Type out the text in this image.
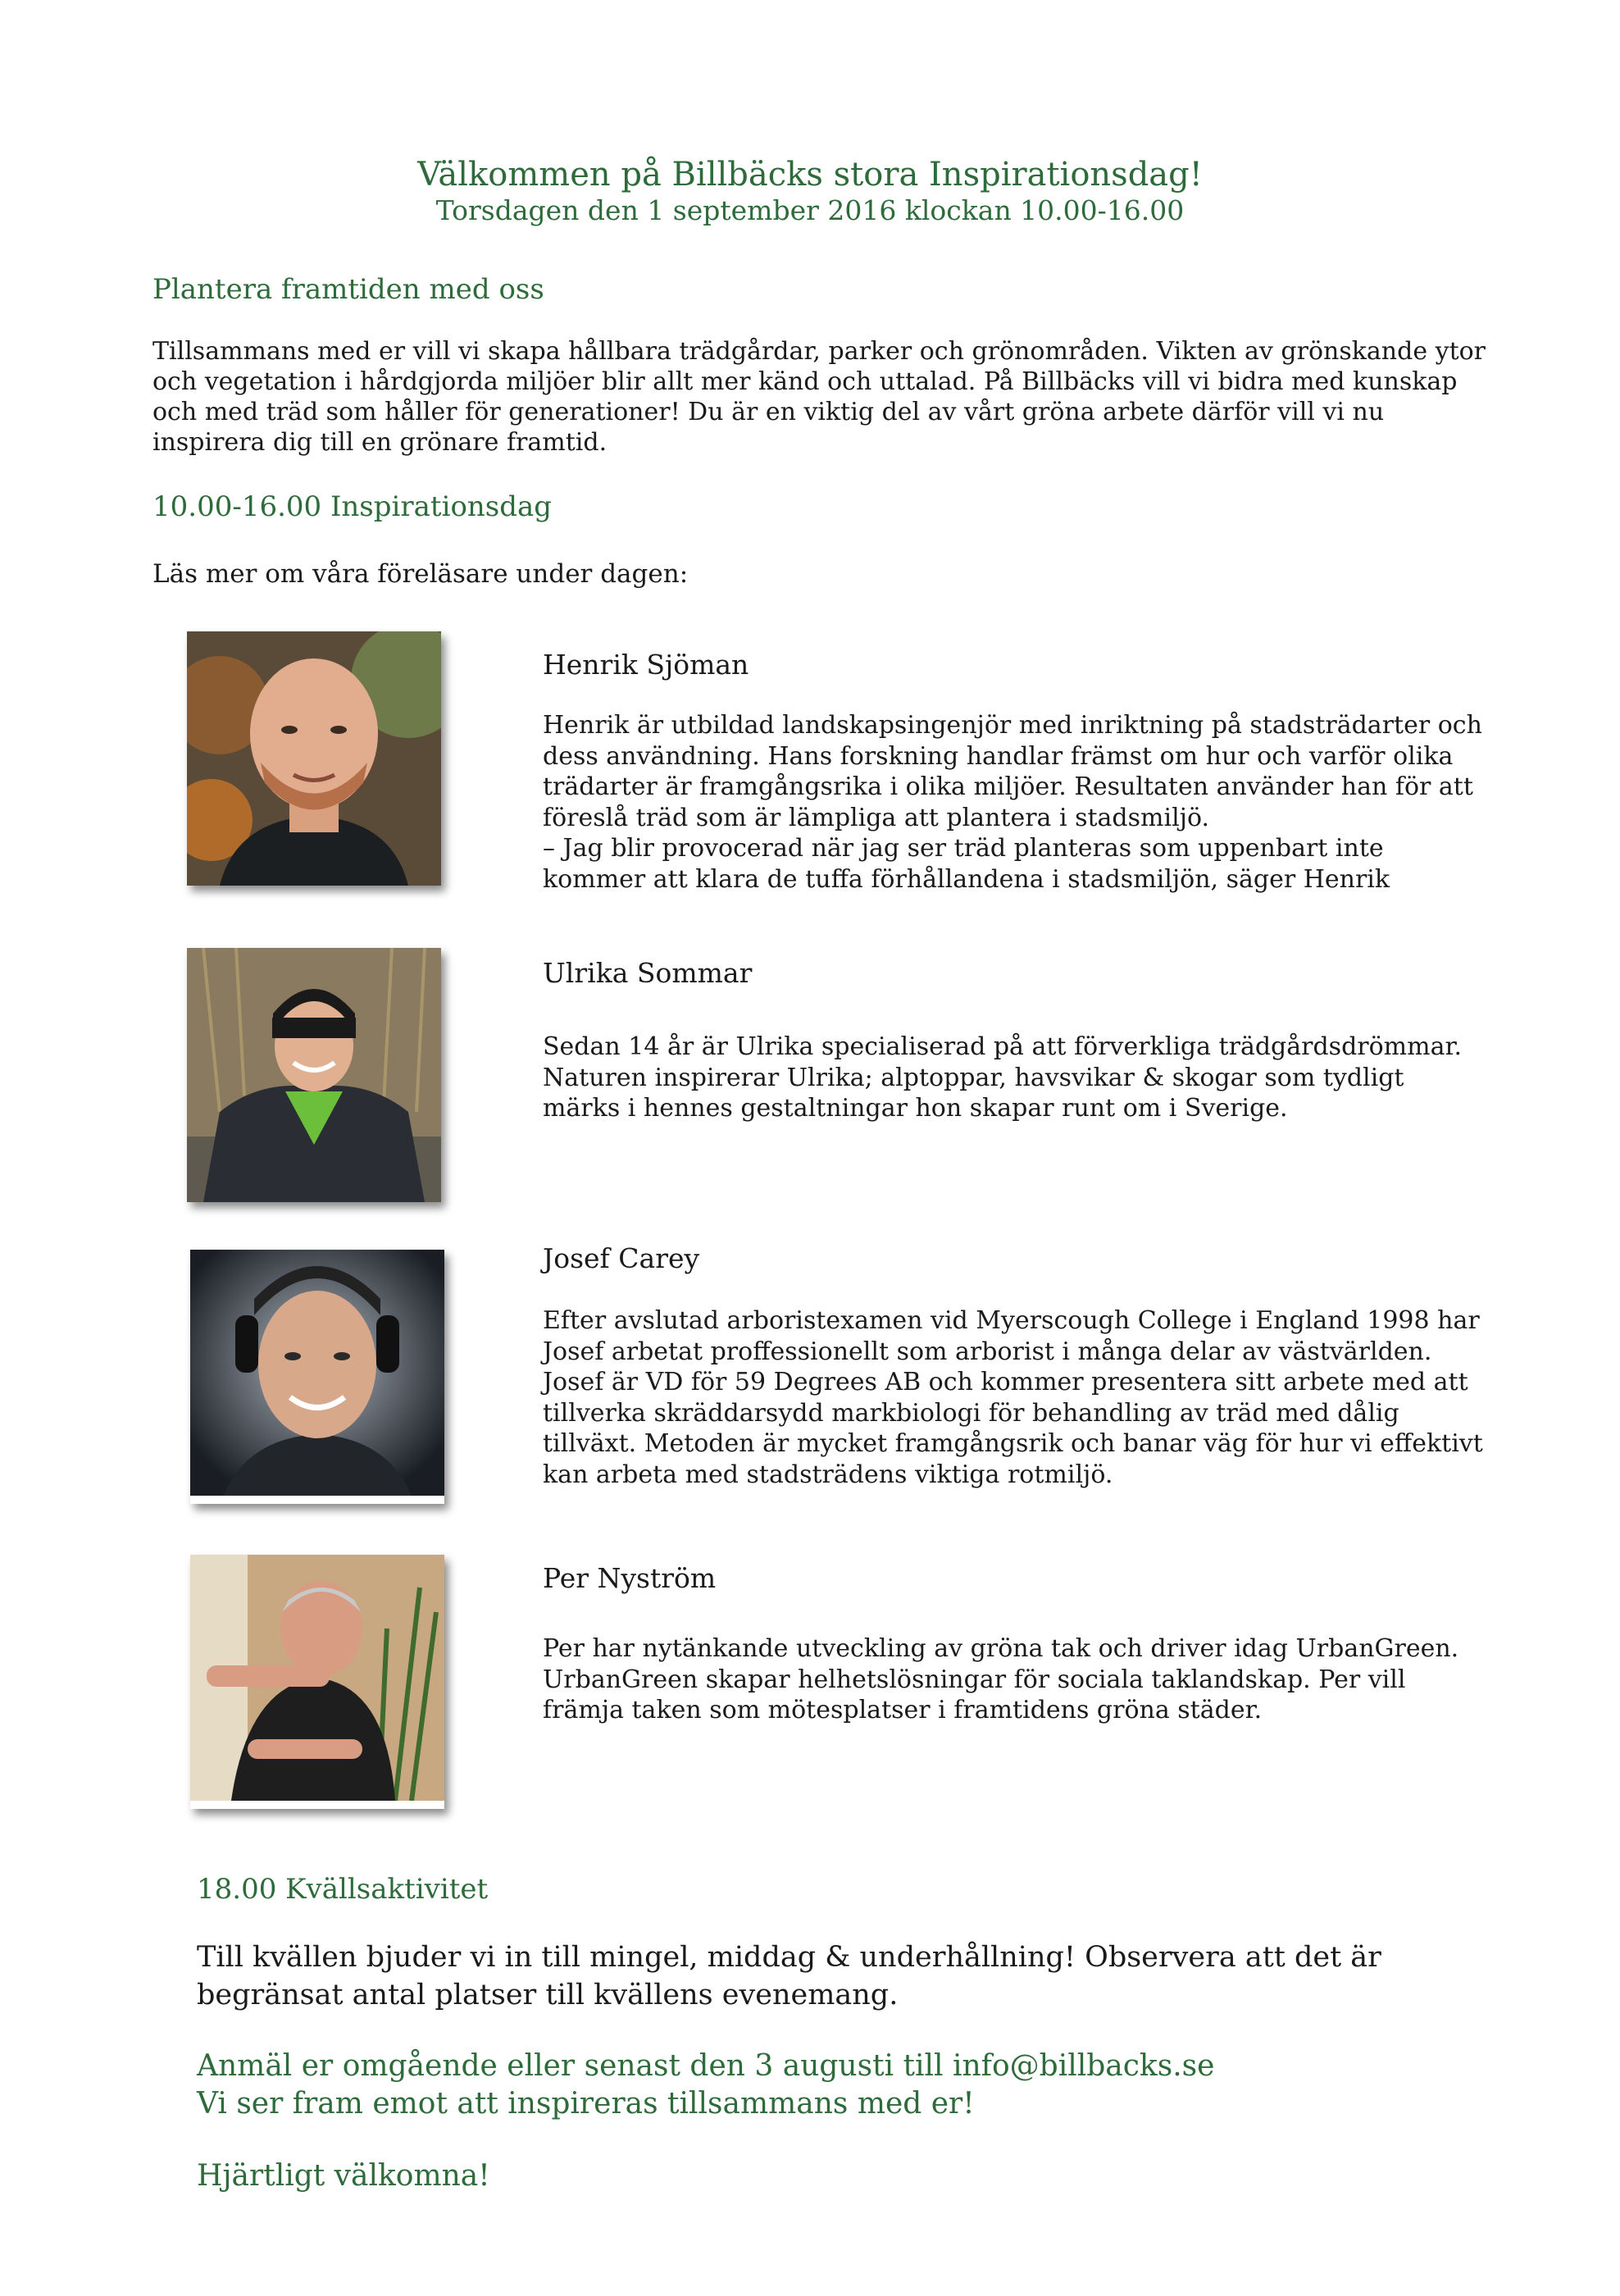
Välkommen på Billbäcks stora Inspirationsdag!
Torsdagen den 1 september 2016 klockan 10.00-16.00
Plantera framtiden med oss
Tillsammans med er vill vi skapa hållbara trädgårdar, parker och grönområden. Vikten av grönskande ytor och vegetation i hårdgjorda miljöer blir allt mer känd och uttalad. På Billbäcks vill vi bidra med kunskap och med träd som håller för generationer! Du är en viktig del av vårt gröna arbete därför vill vi nu inspirera dig till en grönare framtid.
10.00-16.00 Inspirationsdag
Läs mer om våra föreläsare under dagen:
Henrik Sjöman
Henrik är utbildad landskapsingenjör med inriktning på stadsträdarter och
dess användning. Hans forskning handlar främst om hur och varför olika
trädarter är framgångsrika i olika miljöer. Resultaten använder han för att
föreslå träd som är lämpliga att plantera i stadsmiljö.
– Jag blir provocerad när jag ser träd planteras som uppenbart inte
kommer att klara de tuffa förhållandena i stadsmiljön, säger Henrik
Ulrika Sommar
Sedan 14 år är Ulrika specialiserad på att förverkliga trädgårdsdrömmar.
Naturen inspirerar Ulrika; alptoppar, havsvikar & skogar som tydligt
märks i hennes gestaltningar hon skapar runt om i Sverige.
Josef Carey
Efter avslutad arboristexamen vid Myerscough College i England 1998 har
Josef arbetat proffessionellt som arborist i många delar av västvärlden.
Josef är VD för 59 Degrees AB och kommer presentera sitt arbete med att
tillverka skräddarsydd markbiologi för behandling av träd med dålig
tillväxt. Metoden är mycket framgångsrik och banar väg för hur vi effektivt
kan arbeta med stadsträdens viktiga rotmiljö.
Per Nyström
Per har nytänkande utveckling av gröna tak och driver idag UrbanGreen.
UrbanGreen skapar helhetslösningar för sociala taklandskap. Per vill
främja taken som mötesplatser i framtidens gröna städer.
18.00 Kvällsaktivitet
Till kvällen bjuder vi in till mingel, middag & underhållning! Observera att det är begränsat antal platser till kvällens evenemang.
Anmäl er omgående eller senast den 3 augusti till info@billbacks.se
Vi ser fram emot att inspireras tillsammans med er!
Hjärtligt välkomna!
